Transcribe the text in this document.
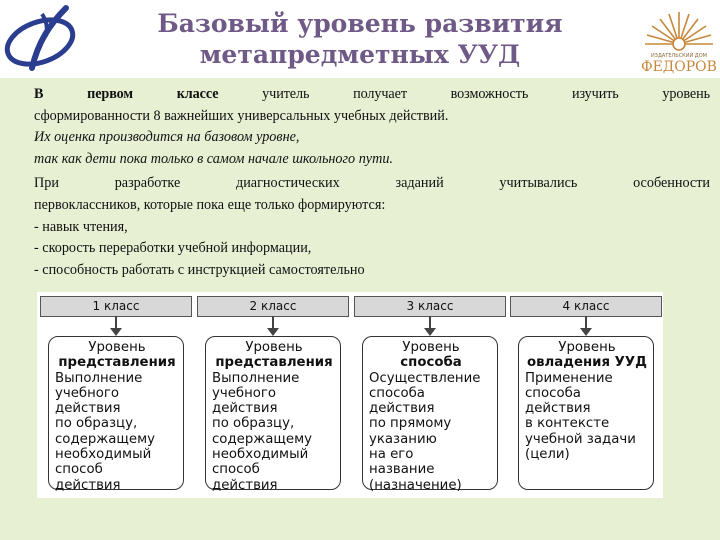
Базовый уровень развития
метапредметных УУД	ИЗДАТЕЛЬСКИЙ ДОМ
ФЕДОРОВ

В первом классе учитель получает возможность изучить уровень

сформированности 8 важнейших универсальных учебных действий.

Их оценка производится на базовом уровне,

так как дети пока только в самом начале школьного пути.

При разработке диагностических заданий учитывались особенности

первоклассников, которые пока еще только формируются:

- навык чтения,

- скорость переработки учебной информации,

- способность работать с инструкцией самостоятельно

1 класс
Уровень
представления
Выполнение
учебного
действия
по образцу,
содержащему
необходимый
способ
действия
2 класс
Уровень
представления
Выполнение
учебного
действия
по образцу,
содержащему
необходимый
способ
действия
3 класс
Уровень
способа
Осуществление
способа
действия
по прямому
указанию
на его
название
(назначение)
4 класс
Уровень
овладения УУД
Применение
способа
действия
в контексте
учебной задачи
(цели)
